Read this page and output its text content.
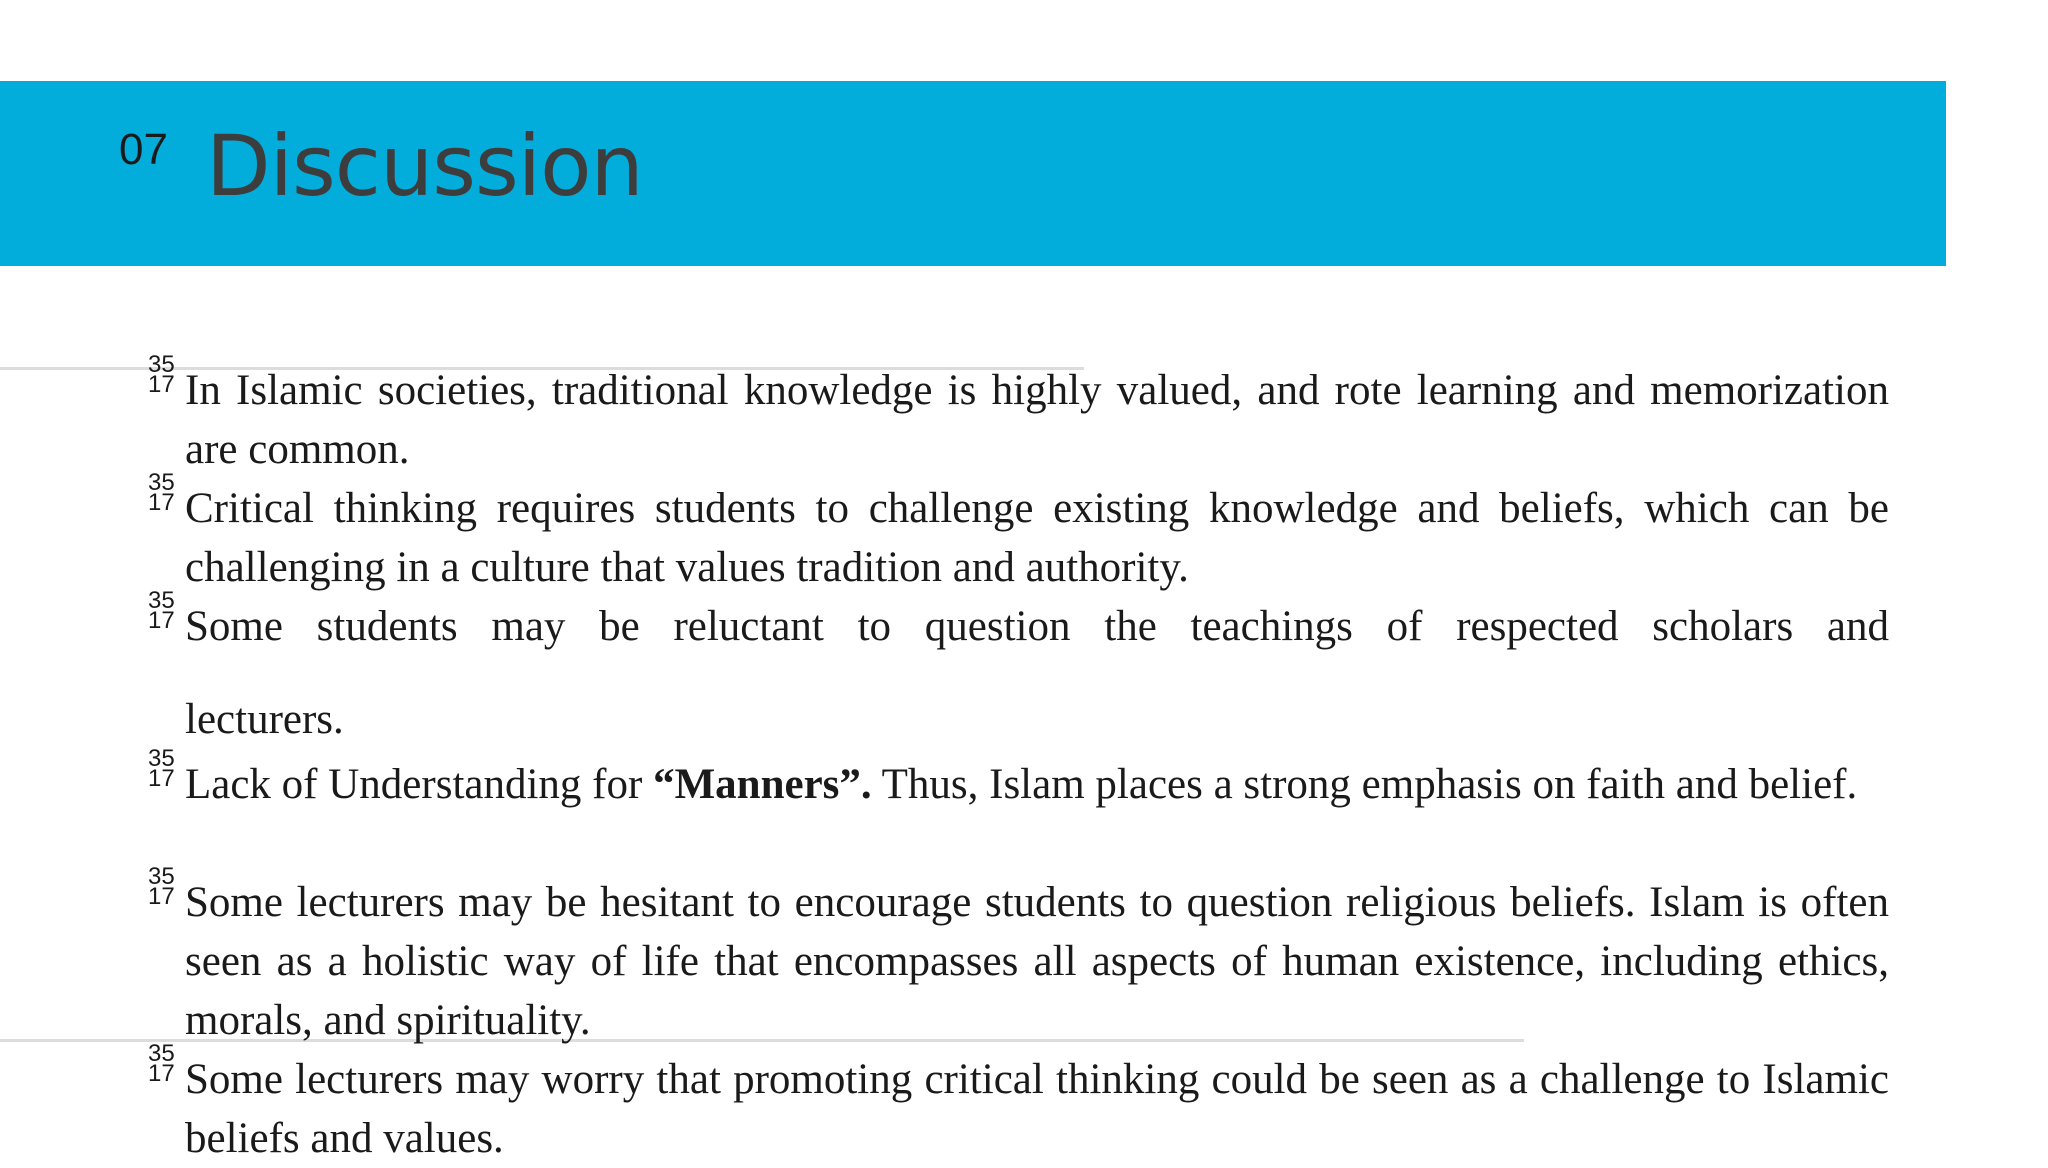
07 Discussion
35
17 In Islamic societies, traditional knowledge is highly valued, and rote learning and memorization are common.
35
17 Critical thinking requires students to challenge existing knowledge and beliefs, which can be challenging in a culture that values tradition and authority.
35
17 Some students may be reluctant to question the teachings of respected scholars and
lecturers.
35
17 Lack of Understanding for “Manners”. Thus, Islam places a strong emphasis on faith and belief.
35
17 Some lecturers may be hesitant to encourage students to question religious beliefs. Islam is often seen as a holistic way of life that encompasses all aspects of human existence, including ethics, morals, and spirituality.
35
17 Some lecturers may worry that promoting critical thinking could be seen as a challenge to Islamic beliefs and values.
